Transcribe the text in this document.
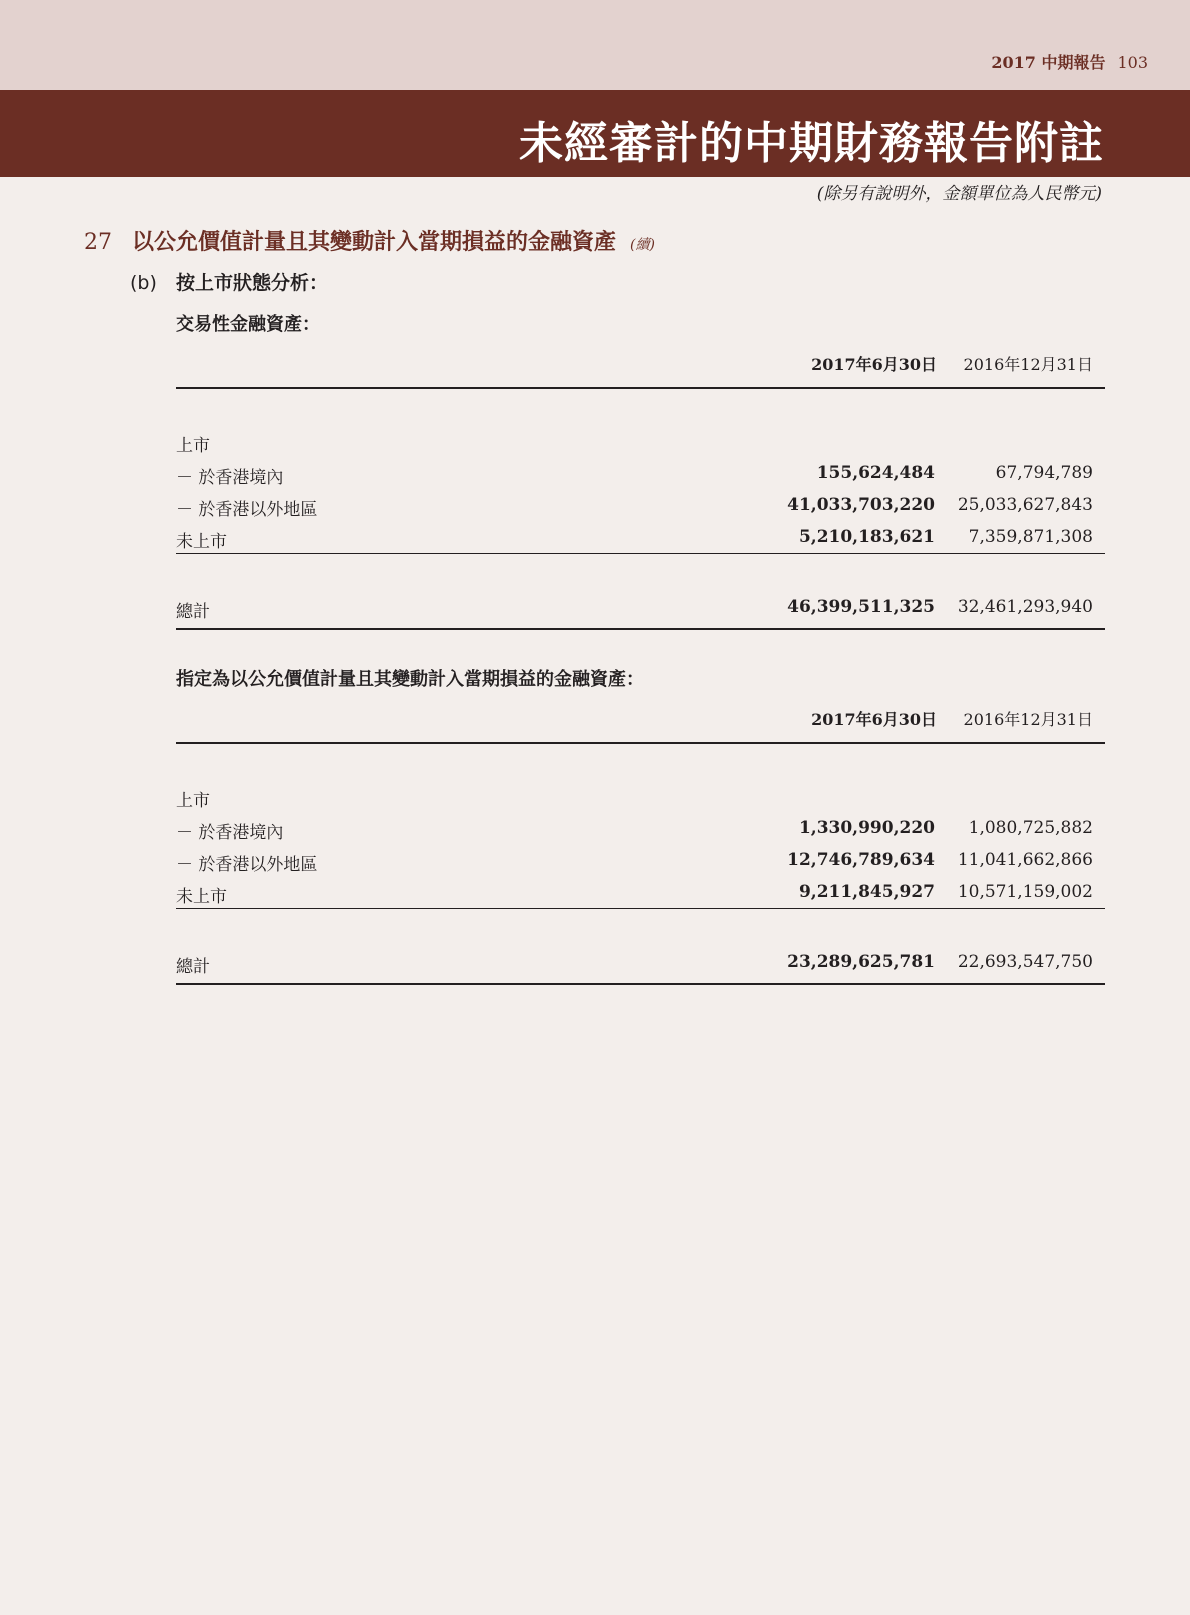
2017 中期報告 103
未經審計的中期財務報告附註
(除另有說明外，金額單位為人民幣元)
27 以公允價值計量且其變動計入當期損益的金融資產 (續)
(b) 按上市狀態分析：
交易性金融資產：
2017年6月30日 2016年12月31日
上市
－ 於香港境內	155,624,484	67,794,789
－ 於香港以外地區	41,033,703,220 25,033,627,843
未上市	5,210,183,621 7,359,871,308
總計	46,399,511,325 32,461,293,940
指定為以公允價值計量且其變動計入當期損益的金融資產：
2017年6月30日 2016年12月31日
上市
－ 於香港境內	1,330,990,220 1,080,725,882
－ 於香港以外地區	12,746,789,634 11,041,662,866
未上市	9,211,845,927 10,571,159,002
總計	23,289,625,781 22,693,547,750
